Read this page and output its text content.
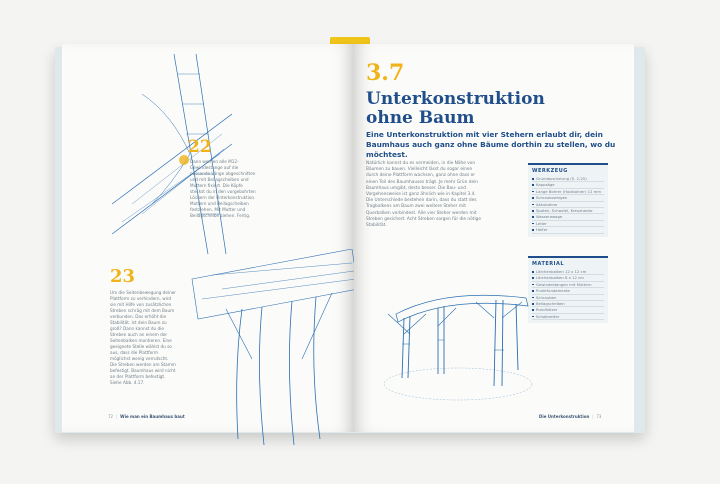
22
Dann werden alle M12-Gewindestange auf die passende Länge abgeschnitten und mit Beilagscheiben und Muttern fixiert. Die Köpfe steckst du in den vorgebohrten Löchern der Unterkonstruktion. Muttern und Beilagscheiben festziehen. Mit Mutter und Beilagscheibe ziehen. Fertig.
23
Um die Seitenbewegung deiner Plattform zu verhindern, wird sie mit Hilfe von zusätzlichen Streben schräg mit dem Baum verbunden. Das erhöht die Stabilität. Ist dein Baum zu groß? Dann kannst du die Streben auch an einem der Seitenbalken montieren. Eine geeignete Stelle wählst du so aus, dass die Plattform möglichst wenig verrutscht. Die Streben werden am Stamm befestigt. Baumhaus wird nicht an der Plattform befestigt. Siehe Abb. 4.17.
72  |  Wie man ein Baumhaus baut
3.7
Unterkonstruktion
ohne Baum
Eine Unterkonstruktion mit vier Stehern erlaubt dir, dein Baumhaus auch ganz ohne Bäume dorthin zu stellen, wo du möchtest.
Natürlich kannst du es vermeiden, in die Nähe von Bäumen zu bauen. Vielleicht lässt du sogar einen durch deine Plattform wachsen, ganz ohne dass er einen Teil des Baumhauses trägt. Je mehr Grün dein Baumhaus umgibt, desto besser. Die Bau- und Vorgehensweise ist ganz ähnlich wie in Kapitel 3.4. Die Unterschiede bestehen darin, dass du statt des Tragbalkens am Baum zwei weitere Steher mit Querbalken verbindest. Alle vier Steher werden mit Streben gesichert. Acht Streben sorgen für die nötige Stabilität.
WERKZEUG
Grundausrüstung (S. 2-25)
Kappsäge
Lange Bohrer (Holzbohrer) 12 mm
Schraubzwingen
Akkubohrer
Spaten, Schaufel, Kreuzhacke
Wasserwaage
Leiter
Helfer
MATERIAL
Lärchenbalken 12 x 12 cm
Lärchenbalken 8 x 12 cm
Gewindestangen mit Muttern
Punktfundamente
Schrauben
Beilagscheiben
Rundhölzer
Schalbretter
Die Unterkonstruktion  |  73
